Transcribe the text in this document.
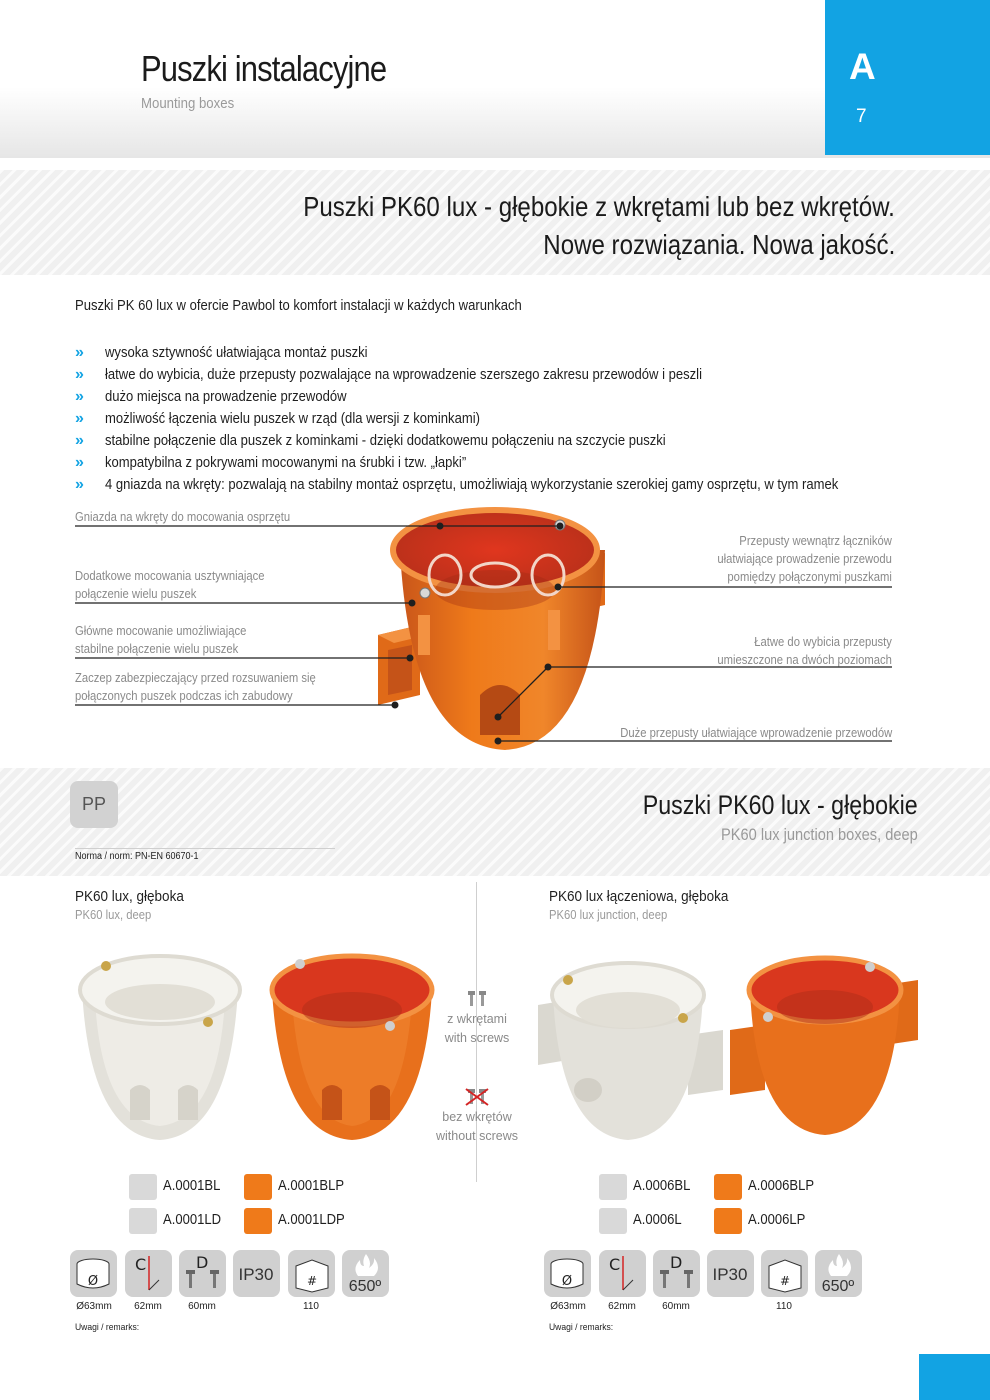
Puszki instalacyjne
Mounting boxes
A
7
Puszki PK60 lux - głębokie z wkrętami lub bez wkrętów.
Nowe rozwiązania. Nowa jakość.
Puszki PK 60 lux w ofercie Pawbol to komfort instalacji w każdych warunkach
» wysoka sztywność ułatwiająca montaż puszki
» łatwe do wybicia, duże przepusty pozwalające na wprowadzenie szerszego zakresu przewodów i peszli
» dużo miejsca na prowadzenie przewodów
» możliwość łączenia wielu puszek w rząd (dla wersji z kominkami)
» stabilne połączenie dla puszek z kominkami - dzięki dodatkowemu połączeniu na szczycie puszki
» kompatybilna z pokrywami mocowanymi na śrubki i tzw. „łapki”
» 4 gniazda na wkręty: pozwalają na stabilny montaż osprzętu, umożliwiają wykorzystanie szerokiej gamy osprzętu, w tym ramek
Gniazda na wkręty do mocowania osprzętu
Dodatkowe mocowania usztywniające
połączenie wielu puszek
Główne mocowanie umożliwiające
stabilne połączenie wielu puszek
Zaczep zabezpieczający przed rozsuwaniem się
połączonych puszek podczas ich zabudowy
Przepusty wewnątrz łączników
ułatwiające prowadzenie przewodu
pomiędzy połączonymi puszkami
Łatwe do wybicia przepusty
umieszczone na dwóch poziomach
Duże przepusty ułatwiające wprowadzenie przewodów
PP
Norma / norm: PN-EN 60670-1
Puszki PK60 lux - głębokie
PK60 lux junction boxes, deep
PK60 lux, głęboka
PK60 lux, deep
PK60 lux łączeniowa, głęboka
PK60 lux junction, deep
z wkrętami
with screws
bez wkrętów
without screws
A.0001BL	A.0001BLP
A.0001LD	A.0001LDP
A.0006BL	A.0006BLP
A.0006L	A.0006LP
Ø
C	D
IP30	# 650º	Ø
C	D
IP30	# 650º
Ø63mm	62mm	60mm	110	Ø63mm	62mm	60mm	110
Uwagi / remarks:	Uwagi / remarks:
